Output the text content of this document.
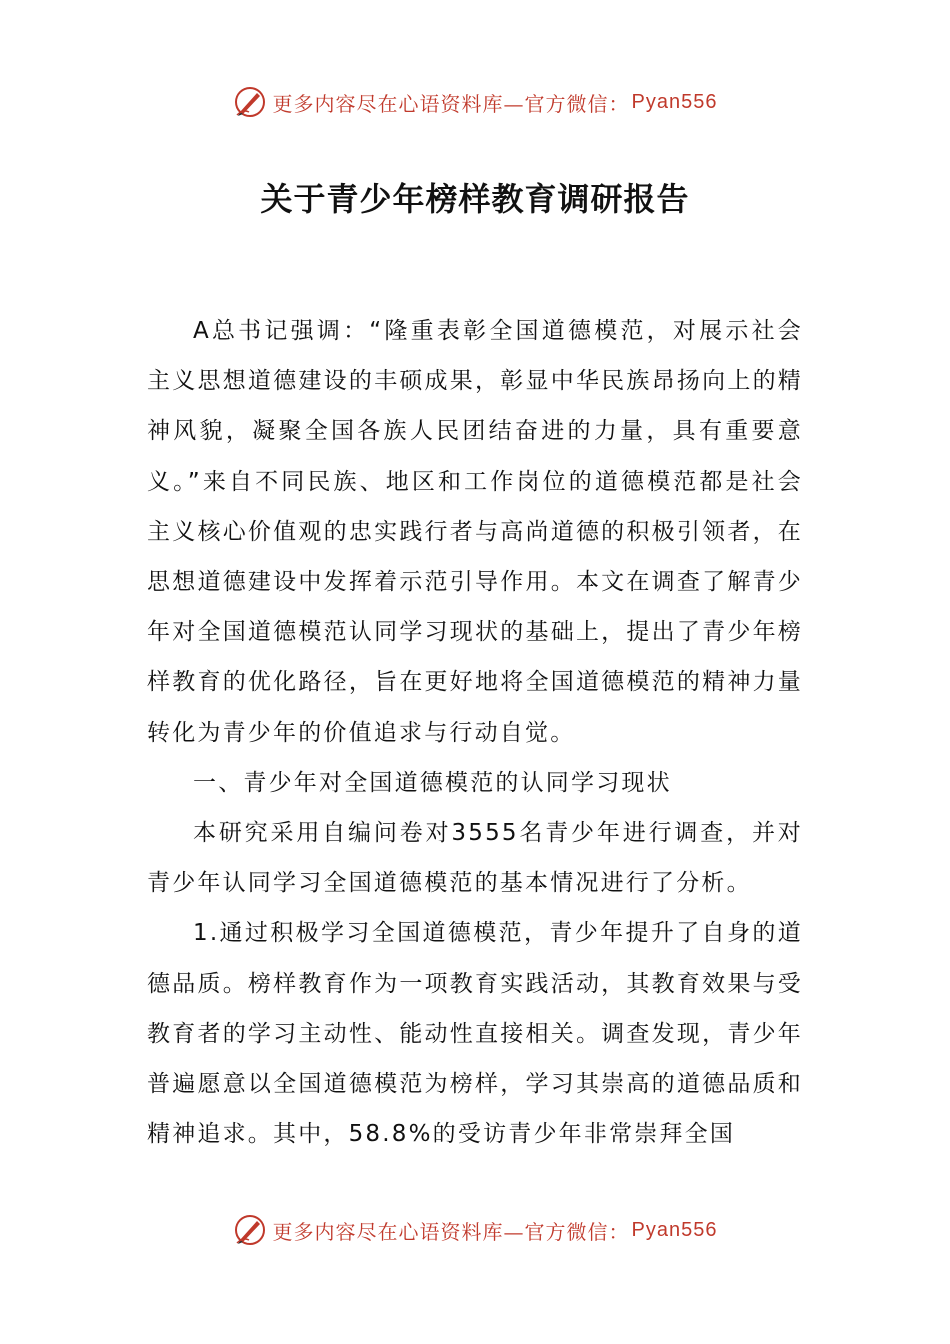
更多内容尽在心语资料库—官方微信： Pyan556
关于青少年榜样教育调研报告

A总书记强调：“隆重表彰全国道德模范，对展示社会主义思想道德建设的丰硕成果，彰显中华民族昂扬向上的精神风貌，凝聚全国各族人民团结奋进的力量，具有重要意义。”来自不同民族、地区和工作岗位的道德模范都是社会主义核心价值观的忠实践行者与高尚道德的积极引领者，在思想道德建设中发挥着示范引导作用。本文在调查了解青少年对全国道德模范认同学习现状的基础上，提出了青少年榜样教育的优化路径，旨在更好地将全国道德模范的精神力量转化为青少年的价值追求与行动自觉。

一、青少年对全国道德模范的认同学习现状

本研究采用自编问卷对3555名青少年进行调查，并对青少年认同学习全国道德模范的基本情况进行了分析。

1.通过积极学习全国道德模范，青少年提升了自身的道德品质。榜样教育作为一项教育实践活动，其教育效果与受教育者的学习主动性、能动性直接相关。调查发现，青少年普遍愿意以全国道德模范为榜样，学习其崇高的道德品质和精神追求。其中，58.8%的受访青少年非常崇拜全国

更多内容尽在心语资料库—官方微信： Pyan556
